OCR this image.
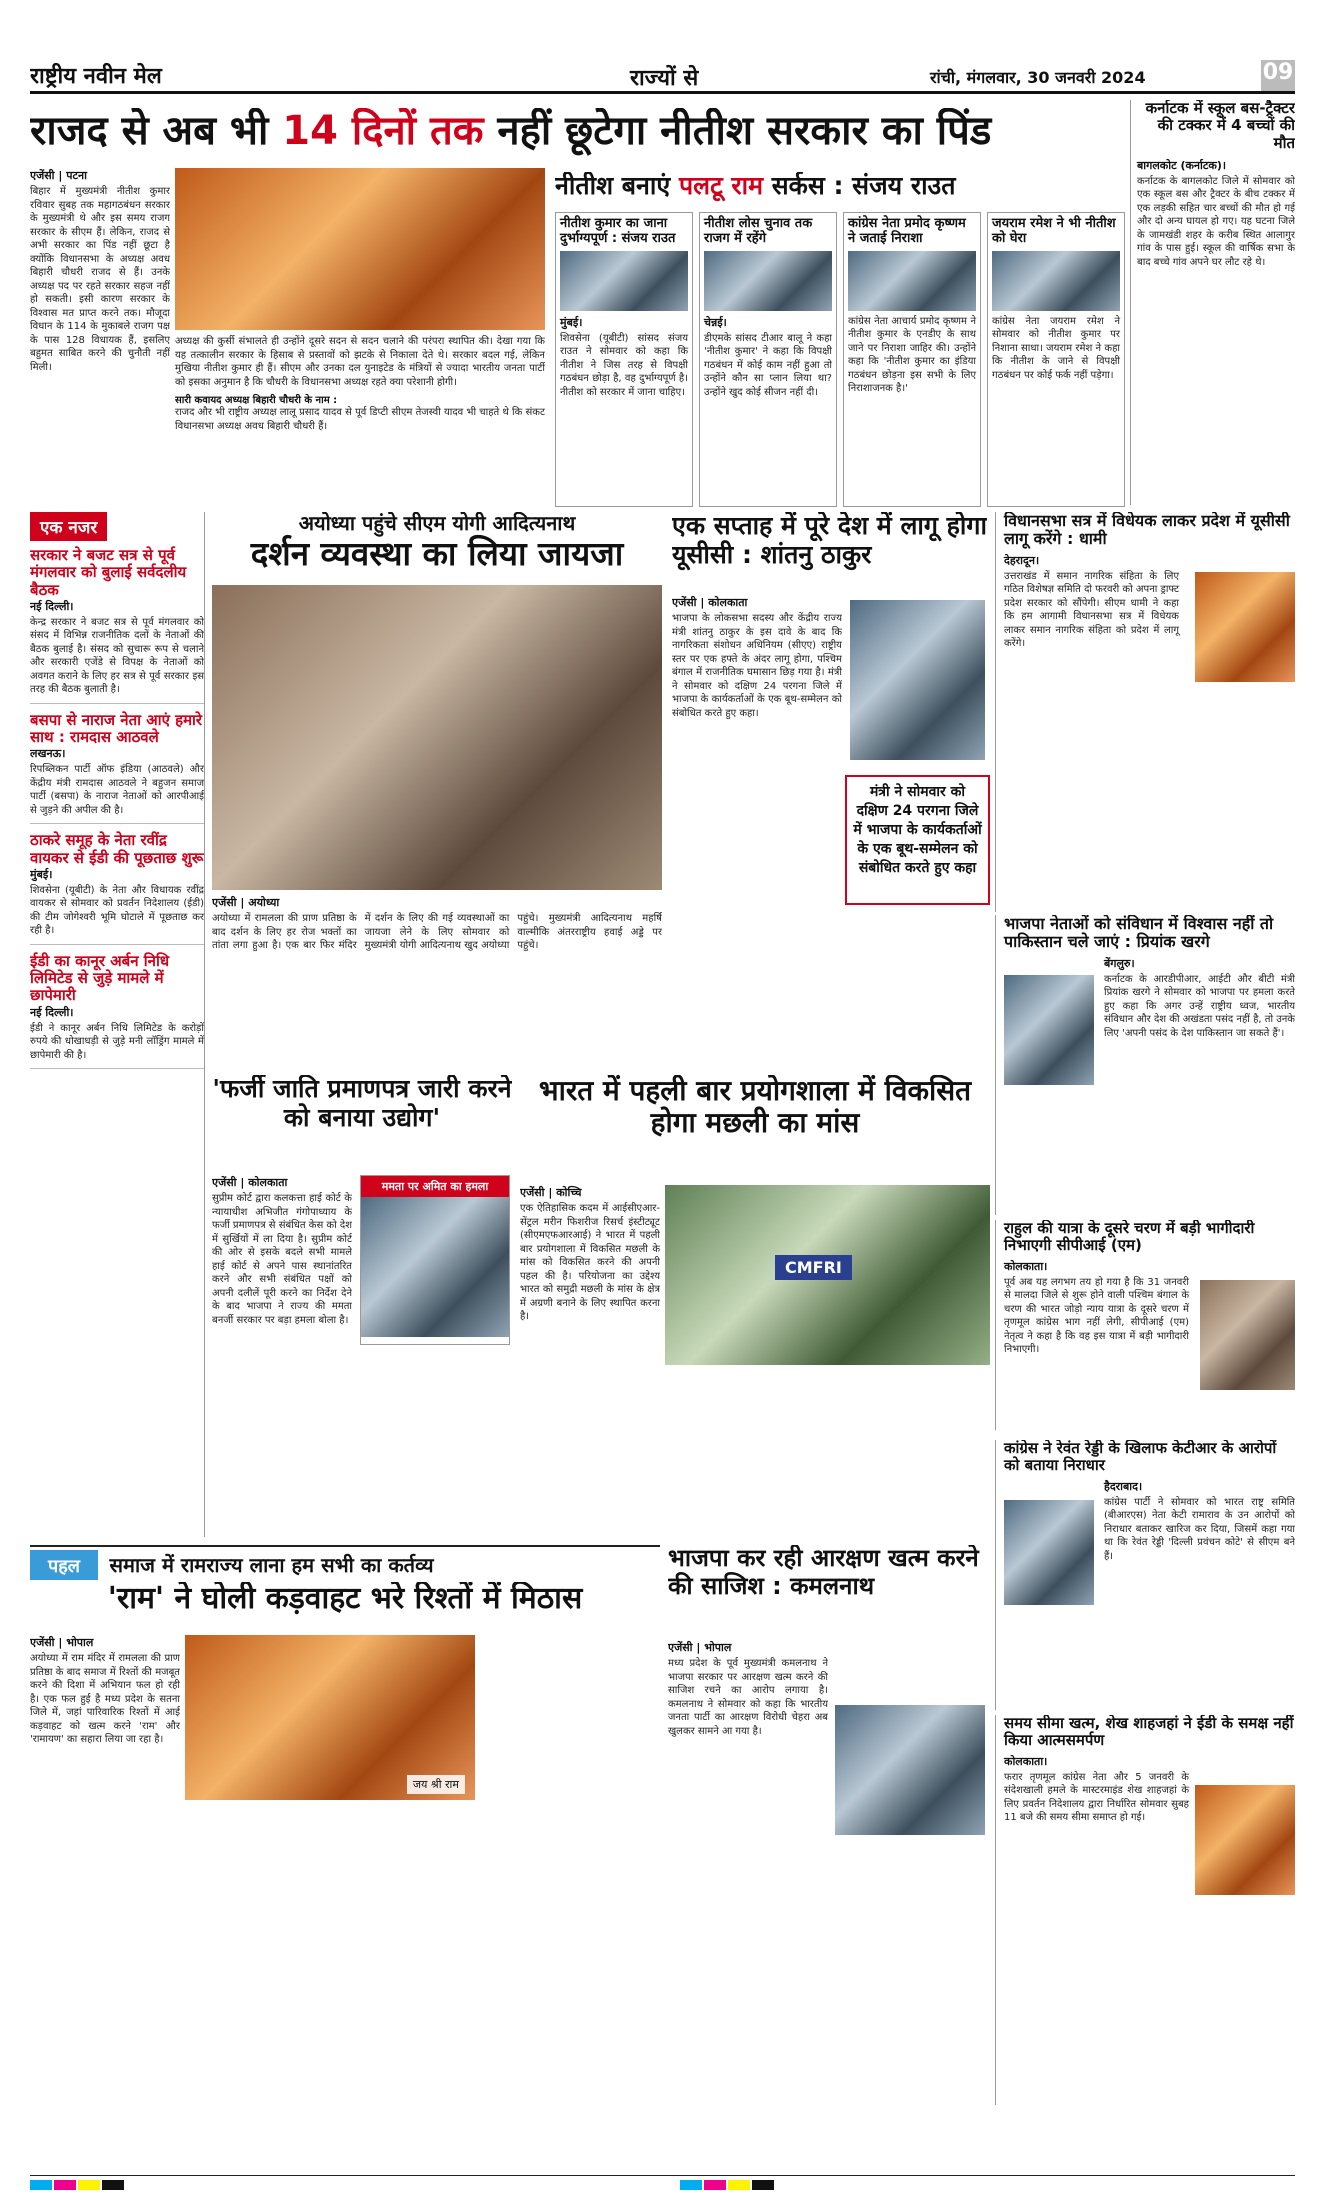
राष्ट्रीय नवीन मेल	राज्यों से	रांची, मंगलवार, 30 जनवरी 2024	09
राजद से अब भी 14 दिनों तक नहीं छूटेगा नीतीश सरकार का पिंड
नीतीश बनाएं पलटू राम सर्कस : संजय राउत
एजेंसी | पटना
बिहार में मुख्यमंत्री नीतीश कुमार रविवार सुबह तक महागठबंधन सरकार के मुख्यमंत्री थे और इस समय राजग सरकार के सीएम हैं। लेकिन, राजद से अभी सरकार का पिंड नहीं छूटा है क्योंकि विधानसभा के अध्यक्ष अवध बिहारी चौधरी राजद से हैं। उनके अध्यक्ष पद पर रहते सरकार सहज नहीं हो सकती। इसी कारण सरकार के विश्वास मत प्राप्त करने तक। मौजूदा विधान के 114 के मुकाबले राजग पक्ष के पास 128 विधायक हैं, इसलिए बहुमत साबित करने की चुनौती नहीं मिली।
अध्यक्ष की कुर्सी संभालते ही उन्होंने दूसरे सदन से सदन चलाने की परंपरा स्थापित की। देखा गया कि यह तत्कालीन सरकार के हिसाब से प्रस्तावों को झटके से निकाला देते थे। सरकार बदल गई, लेकिन मुखिया नीतीश कुमार ही हैं। सीएम और उनका दल युनाइटेड के मंत्रियों से ज्यादा भारतीय जनता पार्टी को इसका अनुमान है कि चौधरी के विधानसभा अध्यक्ष रहते क्या परेशानी होगी।
सारी कवायद अध्यक्ष बिहारी चौधरी के नाम :
राजद और भी राष्ट्रीय अध्यक्ष लालू प्रसाद यादव से पूर्व डिप्टी सीएम तेजस्वी यादव भी चाहते थे कि संकट विधानसभा अध्यक्ष अवध बिहारी चौधरी हैं।
नीतीश कुमार का जाना दुर्भाग्यपूर्ण : संजय राउत
मुंबई।
शिवसेना (यूबीटी) सांसद संजय राउत ने सोमवार को कहा कि नीतीश ने जिस तरह से विपक्षी गठबंधन छोड़ा है, वह दुर्भाग्यपूर्ण है। नीतीश को सरकार में जाना चाहिए।
नीतीश लोस चुनाव तक राजग में रहेंगे
चेन्नई।
डीएमके सांसद टीआर बालू ने कहा 'नीतीश कुमार' ने कहा कि विपक्षी गठबंधन में कोई काम नहीं हुआ तो उन्होंने कौन सा प्लान लिया था? उन्होंने खुद कोई सीजन नहीं दी।
कांग्रेस नेता प्रमोद कृष्णम ने जताई निराशा
कांग्रेस नेता आचार्य प्रमोद कृष्णम ने नीतीश कुमार के एनडीए के साथ जाने पर निराशा जाहिर की। उन्होंने कहा कि 'नीतीश कुमार का इंडिया गठबंधन छोड़ना इस सभी के लिए निराशाजनक है।'
जयराम रमेश ने भी नीतीश को घेरा
कांग्रेस नेता जयराम रमेश ने सोमवार को नीतीश कुमार पर निशाना साधा। जयराम रमेश ने कहा कि नीतीश के जाने से विपक्षी गठबंधन पर कोई फर्क नहीं पड़ेगा।
कर्नाटक में स्कूल बस-ट्रैक्टर की टक्कर में 4 बच्चों की मौत
बागलकोट (कर्नाटक)।
कर्नाटक के बागलकोट जिले में सोमवार को एक स्कूल बस और ट्रैक्टर के बीच टक्कर में एक लड़की सहित चार बच्चों की मौत हो गई और दो अन्य घायल हो गए। यह घटना जिले के जामखंडी शहर के करीब स्थित आलागुर गांव के पास हुई। स्कूल की वार्षिक सभा के बाद बच्चे गांव अपने घर लौट रहे थे।
एक नजर
सरकार ने बजट सत्र से पूर्व मंगलवार को बुलाई सर्वदलीय बैठक
नई दिल्ली।
केन्द्र सरकार ने बजट सत्र से पूर्व मंगलवार को संसद में विभिन्न राजनीतिक दलों के नेताओं की बैठक बुलाई है। संसद को सुचारू रूप से चलाने और सरकारी एजेंडे से विपक्ष के नेताओं को अवगत कराने के लिए हर सत्र से पूर्व सरकार इस तरह की बैठक बुलाती है।
बसपा से नाराज नेता आएं हमारे साथ : रामदास आठवले
लखनऊ।
रिपब्लिकन पार्टी ऑफ इंडिया (आठवले) और केंद्रीय मंत्री रामदास आठवले ने बहुजन समाज पार्टी (बसपा) के नाराज नेताओं को आरपीआई से जुड़ने की अपील की है।
ठाकरे समूह के नेता रवींद्र वायकर से ईडी की पूछताछ शुरू
मुंबई।
शिवसेना (यूबीटी) के नेता और विधायक रवींद्र वायकर से सोमवार को प्रवर्तन निदेशालय (ईडी) की टीम जोगेश्वरी भूमि घोटाले में पूछताछ कर रही है।
ईडी का कानूर अर्बन निधि लिमिटेड से जुड़े मामले में छापेमारी
नई दिल्ली।
ईडी ने कानूर अर्बन निधि लिमिटेड के करोड़ों रुपये की धोखाधड़ी से जुड़े मनी लॉड्रिंग मामले में छापेमारी की है।
अयोध्या पहुंचे सीएम योगी आदित्यनाथ
दर्शन व्यवस्था का लिया जायजा
एजेंसी | अयोध्या
अयोध्या में रामलला की प्राण प्रतिष्ठा के बाद दर्शन के लिए हर रोज भक्तों का तांता लगा हुआ है। एक बार फिर मंदिर में दर्शन के लिए की गई व्यवस्थाओं का जायजा लेने के लिए सोमवार को मुख्यमंत्री योगी आदित्यनाथ खुद अयोध्या पहुंचे। मुख्यमंत्री आदित्यनाथ महर्षि वाल्मीकि अंतरराष्ट्रीय हवाई अड्डे पर पहुंचे।
एक सप्ताह में पूरे देश में लागू होगा यूसीसी : शांतनु ठाकुर
एजेंसी | कोलकाता
भाजपा के लोकसभा सदस्य और केंद्रीय राज्य मंत्री शांतनु ठाकुर के इस दावे के बाद कि नागरिकता संशोधन अधिनियम (सीएए) राष्ट्रीय स्तर पर एक हफ्ते के अंदर लागू होगा, पश्चिम बंगाल में राजनीतिक घमासान छिड़ गया है। मंत्री ने सोमवार को दक्षिण 24 परगना जिले में भाजपा के कार्यकर्ताओं के एक बूथ-सम्मेलन को संबोधित करते हुए कहा।
मंत्री ने सोमवार को दक्षिण 24 परगना जिले में भाजपा के कार्यकर्ताओं के एक बूथ-सम्मेलन को संबोधित करते हुए कहा
विधानसभा सत्र में विधेयक लाकर प्रदेश में यूसीसी लागू करेंगे : धामी
देहरादून।
उत्तराखंड में समान नागरिक संहिता के लिए गठित विशेषज्ञ समिति दो फरवरी को अपना ड्राफ्ट प्रदेश सरकार को सौंपेगी। सीएम धामी ने कहा कि हम आगामी विधानसभा सत्र में विधेयक लाकर समान नागरिक संहिता को प्रदेश में लागू करेंगे।
भाजपा नेताओं को संविधान में विश्वास नहीं तो पाकिस्तान चले जाएं : प्रियांक खरगे
बेंगलुरु।
कर्नाटक के आरडीपीआर, आईटी और बीटी मंत्री प्रियांक खरगे ने सोमवार को भाजपा पर हमला करते हुए कहा कि अगर उन्हें राष्ट्रीय ध्वज, भारतीय संविधान और देश की अखंडता पसंद नहीं है, तो उनके लिए 'अपनी पसंद के देश पाकिस्तान जा सकते हैं'।
'फर्जी जाति प्रमाणपत्र जारी करने को बनाया उद्योग'
एजेंसी | कोलकाता
सुप्रीम कोर्ट द्वारा कलकत्ता हाई कोर्ट के न्यायाधीश अभिजीत गंगोपाध्याय के फर्जी प्रमाणपत्र से संबंधित केस को देश में सुर्खियों में ला दिया है। सुप्रीम कोर्ट की ओर से इसके बदले सभी मामले हाई कोर्ट से अपने पास स्थानांतरित करने और सभी संबंधित पक्षों को अपनी दलीलें पूरी करने का निर्देश देने के बाद भाजपा ने राज्य की ममता बनर्जी सरकार पर बड़ा हमला बोला है।
ममता पर अमित का हमला
भारत में पहली बार प्रयोगशाला में विकसित होगा मछली का मांस
एजेंसी | कोच्चि
एक ऐतिहासिक कदम में आईसीएआर-सेंट्रल मरीन फिशरीज रिसर्च इंस्टीट्यूट (सीएमएफआरआई) ने भारत में पहली बार प्रयोगशाला में विकसित मछली के मांस को विकसित करने की अपनी पहल की है। परियोजना का उद्देश्य भारत को समुद्री मछली के मांस के क्षेत्र में अग्रणी बनाने के लिए स्थापित करना है।
CMFRI
राहुल की यात्रा के दूसरे चरण में बड़ी भागीदारी निभाएगी सीपीआई (एम)
कोलकाता।
पूर्व अब यह लगभग तय हो गया है कि 31 जनवरी से मालदा जिले से शुरू होने वाली पश्चिम बंगाल के चरण की भारत जोड़ो न्याय यात्रा के दूसरे चरण में तृणमूल कांग्रेस भाग नहीं लेगी, सीपीआई (एम) नेतृत्व ने कहा है कि वह इस यात्रा में बड़ी भागीदारी निभाएगी।
कांग्रेस ने रेवंत रेड्डी के खिलाफ केटीआर के आरोपों को बताया निराधार
हैदराबाद।
कांग्रेस पार्टी ने सोमवार को भारत राष्ट्र समिति (बीआरएस) नेता केटी रामाराव के उन आरोपों को निराधार बताकर खारिज कर दिया, जिसमें कहा गया था कि रेवंत रेड्डी 'दिल्ली प्रवंचन कोटे' से सीएम बने हैं।
समय सीमा खत्म, शेख शाहजहां ने ईडी के समक्ष नहीं किया आत्मसमर्पण
कोलकाता।
फरार तृणमूल कांग्रेस नेता और 5 जनवरी के संदेशखाली हमले के मास्टरमाइंड शेख शाहजहां के लिए प्रवर्तन निदेशालय द्वारा निर्धारित सोमवार सुबह 11 बजे की समय सीमा समाप्त हो गई।
पहल समाज में रामराज्य लाना हम सभी का कर्तव्य
'राम' ने घोली कड़वाहट भरे रिश्तों में मिठास
एजेंसी | भोपाल
अयोध्या में राम मंदिर में रामलला की प्राण प्रतिष्ठा के बाद समाज में रिश्तों की मजबूत करने की दिशा में अभियान फल हो रही है। एक फल हुई है मध्य प्रदेश के सतना जिले में, जहां पारिवारिक रिश्तों में आई कड़वाहट को खत्म करने 'राम' और 'रामायण' का सहारा लिया जा रहा है।
जय श्री राम
भाजपा कर रही आरक्षण खत्म करने की साजिश : कमलनाथ
एजेंसी | भोपाल
मध्य प्रदेश के पूर्व मुख्यमंत्री कमलनाथ ने भाजपा सरकार पर आरक्षण खत्म करने की साजिश रचने का आरोप लगाया है। कमलनाथ ने सोमवार को कहा कि भारतीय जनता पार्टी का आरक्षण विरोधी चेहरा अब खुलकर सामने आ गया है।
